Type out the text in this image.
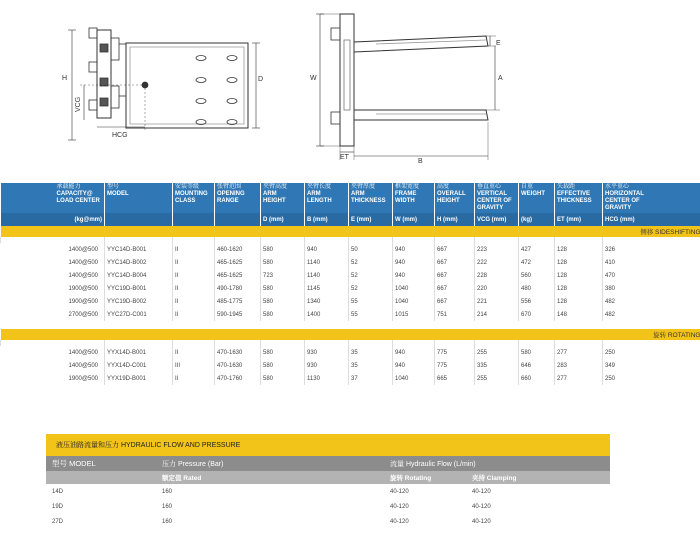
H
VCG
HCG
D	W
E
A
ET
B
承载能力
CAPACITY@
LOAD CENTER	型号
MODEL	安装等级
MOUNTING
CLASS	张臂范围
OPENING
RANGE	夹臂高度
ARM
HEIGHT	夹臂长度
ARM
LENGTH	夹臂厚度
ARM
THICKNESS	框架宽度
FRAME
WIDTH	高度
OVERALL
HEIGHT	垂直重心
VERTICAL
CENTER OF
GRAVITY	自重
WEIGHT	失载距
EFFECTIVE
THICKNESS	水平重心
HORIZONTAL
CENTER OF
GRAVITY

(kg@mm)				D (mm)	B (mm)	E (mm)	W (mm)	H (mm)	VCG (mm)	(kg)	ET (mm)	HCG (mm)
侧移 SIDESHIFTING												

1400@500	YYC14D-B001	II	460-1620	580	940	50	940	667	223	427	128	326
1400@500	YYC14D-B002	II	465-1625	580	1140	52	940	667	222	472	128	410
1400@500	YYC14D-B004	II	465-1625	723	1140	52	940	667	228	560	128	470
1900@500	YYC19D-B001	II	490-1780	580	1145	52	1040	667	220	480	128	380
1900@500	YYC19D-B002	II	485-1775	580	1340	55	1040	667	221	556	128	482
2700@500	YYC27D-C001	II	590-1945	580	1400	55	1015	751	214	670	148	482

旋转 ROTATING												

1400@500	YYX14D-B001	II	470-1630	580	930	35	940	775	255	580	277	250
1400@500	YYX14D-C001	III	470-1630	580	930	35	940	775	335	646	283	349
1900@500	YYX19D-B001	II	470-1760	580	1130	37	1040	665	255	660	277	250
液压油路流量和压力 HYDRAULIC FLOW AND PRESSURE			
型号 MODEL	压力 Pressure (Bar)	流量 Hydraulic Flow (L/min)	
	额定值 Rated	旋转 Rotating	夹持 Clamping
14D	160	40-120	40-120
19D	160	40-120	40-120
27D	160	40-120	40-120
